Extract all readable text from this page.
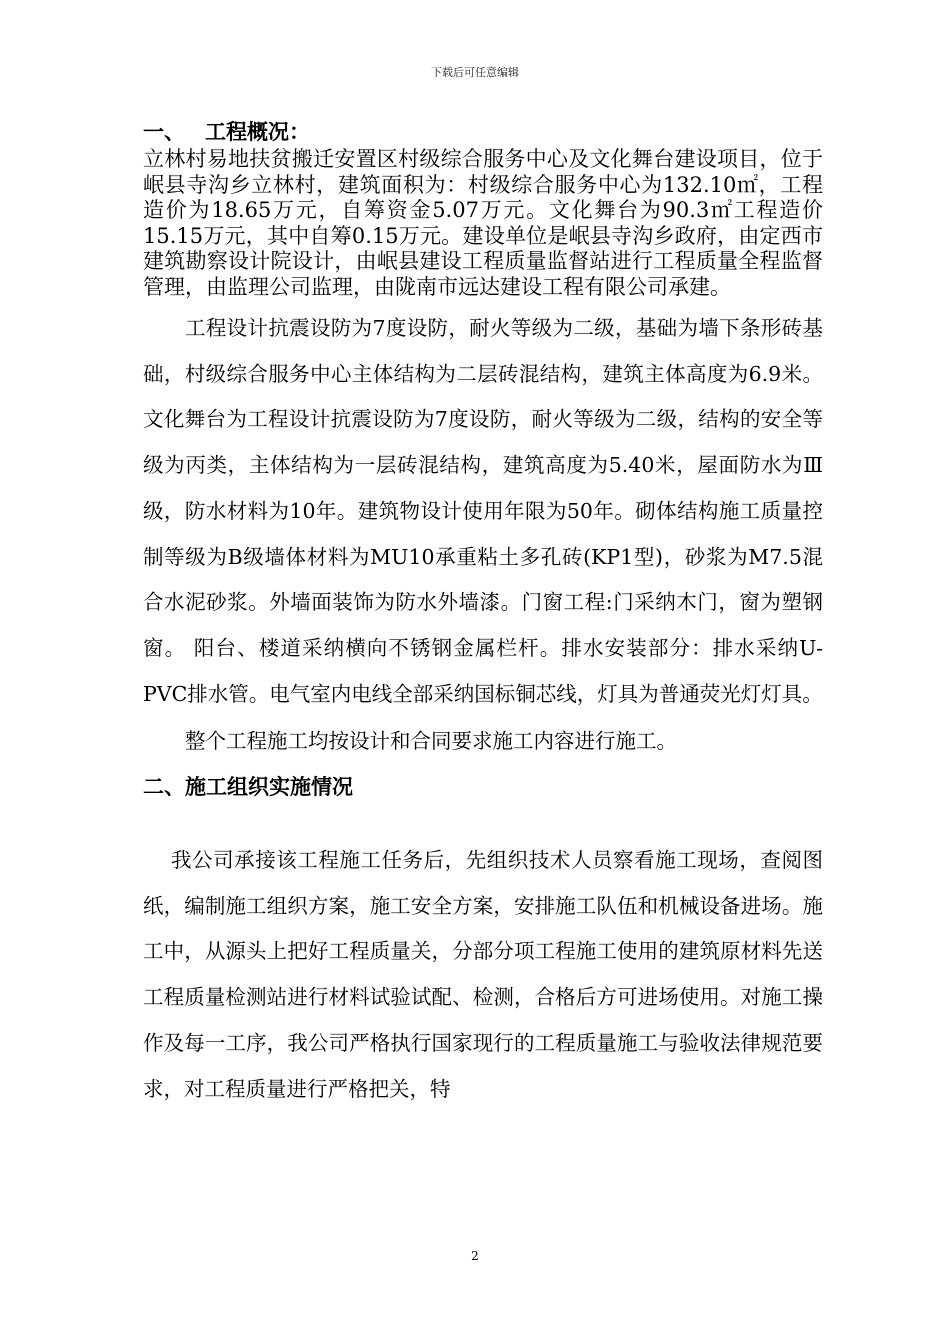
下载后可任意编辑

一、 工程概况：

立林村易地扶贫搬迁安置区村级综合服务中心及文化舞台建设项目，位于岷县寺沟乡立林村，建筑面积为：村级综合服务中心为132.10㎡，工程造价为18.65万元，自筹资金5.07万元。文化舞台为90.3㎡工程造价15.15万元，其中自筹0.15万元。建设单位是岷县寺沟乡政府，由定西市建筑勘察设计院设计，由岷县建设工程质量监督站进行工程质量全程监督管理，由监理公司监理，由陇南市远达建设工程有限公司承建。

工程设计抗震设防为7度设防，耐火等级为二级，基础为墙下条形砖基础，村级综合服务中心主体结构为二层砖混结构，建筑主体高度为6.9米。文化舞台为工程设计抗震设防为7度设防，耐火等级为二级，结构的安全等级为丙类，主体结构为一层砖混结构，建筑高度为5.40米，屋面防水为Ⅲ级，防水材料为10年。建筑物设计使用年限为50年。砌体结构施工质量控制等级为B级墙体材料为MU10承重粘土多孔砖(KP1型)，砂浆为M7.5混合水泥砂浆。外墙面装饰为防水外墙漆。门窗工程:门采纳木门，窗为塑钢窗。 阳台、楼道采纳横向不锈钢金属栏杆。排水安装部分：排水采纳U-PVC排水管。电气室内电线全部采纳国标铜芯线，灯具为普通荧光灯灯具。

整个工程施工均按设计和合同要求施工内容进行施工。

二、施工组织实施情况

我公司承接该工程施工任务后，先组织技术人员察看施工现场，查阅图纸，编制施工组织方案，施工安全方案，安排施工队伍和机械设备进场。施工中，从源头上把好工程质量关，分部分项工程施工使用的建筑原材料先送工程质量检测站进行材料试验试配、检测，合格后方可进场使用。对施工操作及每一工序，我公司严格执行国家现行的工程质量施工与验收法律规范要求，对工程质量进行严格把关，特

2
